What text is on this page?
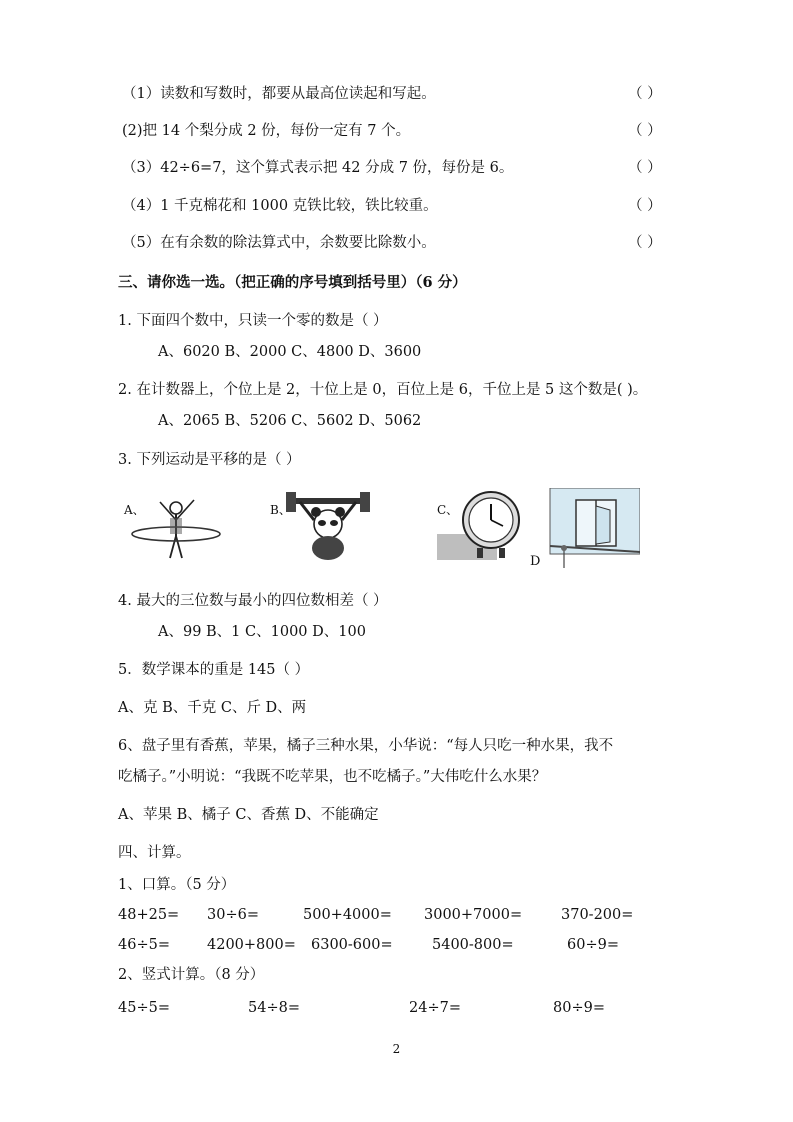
（1）读数和写数时，都要从最高位读起和写起。	（ ）
(2)把 14 个梨分成 2 份，每份一定有 7 个。	（ ）
（3）42÷6=7，这个算式表示把 42 分成 7 份，每份是 6。	（ ）
（4）1 千克棉花和 1000 克铁比较，铁比较重。	（ ）
（5）在有余数的除法算式中，余数要比除数小。	（ ）
三、请你选一选。（把正确的序号填到括号里）（6 分）
1. 下面四个数中，只读一个零的数是（ ）
A、6020 B、2000 C、4800 D、3600
2. 在计数器上，个位上是 2，十位上是 0，百位上是 6，千位上是 5 这个数是( )。
A、2065 B、5206 C、5602 D、5062
3. 下列运动是平移的是（ ）
A、	B、	C、
D
4. 最大的三位数与最小的四位数相差（ ）
A、99 B、1 C、1000 D、100
5．数学课本的重是 145（ ）
A、克 B、千克 C、斤 D、两
6、盘子里有香蕉，苹果，橘子三种水果，小华说：“每人只吃一种水果，我不
吃橘子。”小明说：“我既不吃苹果，也不吃橘子。”大伟吃什么水果？
A、苹果 B、橘子 C、香蕉 D、不能确定
四、计算。
1、口算。（5 分）
48+25= 30÷6=	500+4000= 3000+7000=	370-200=
46÷5=	4200+800= 6300-600=	5400-800=	60÷9=
2、竖式计算。（8 分）
45÷5=	54÷8=	24÷7=	80÷9=
2
